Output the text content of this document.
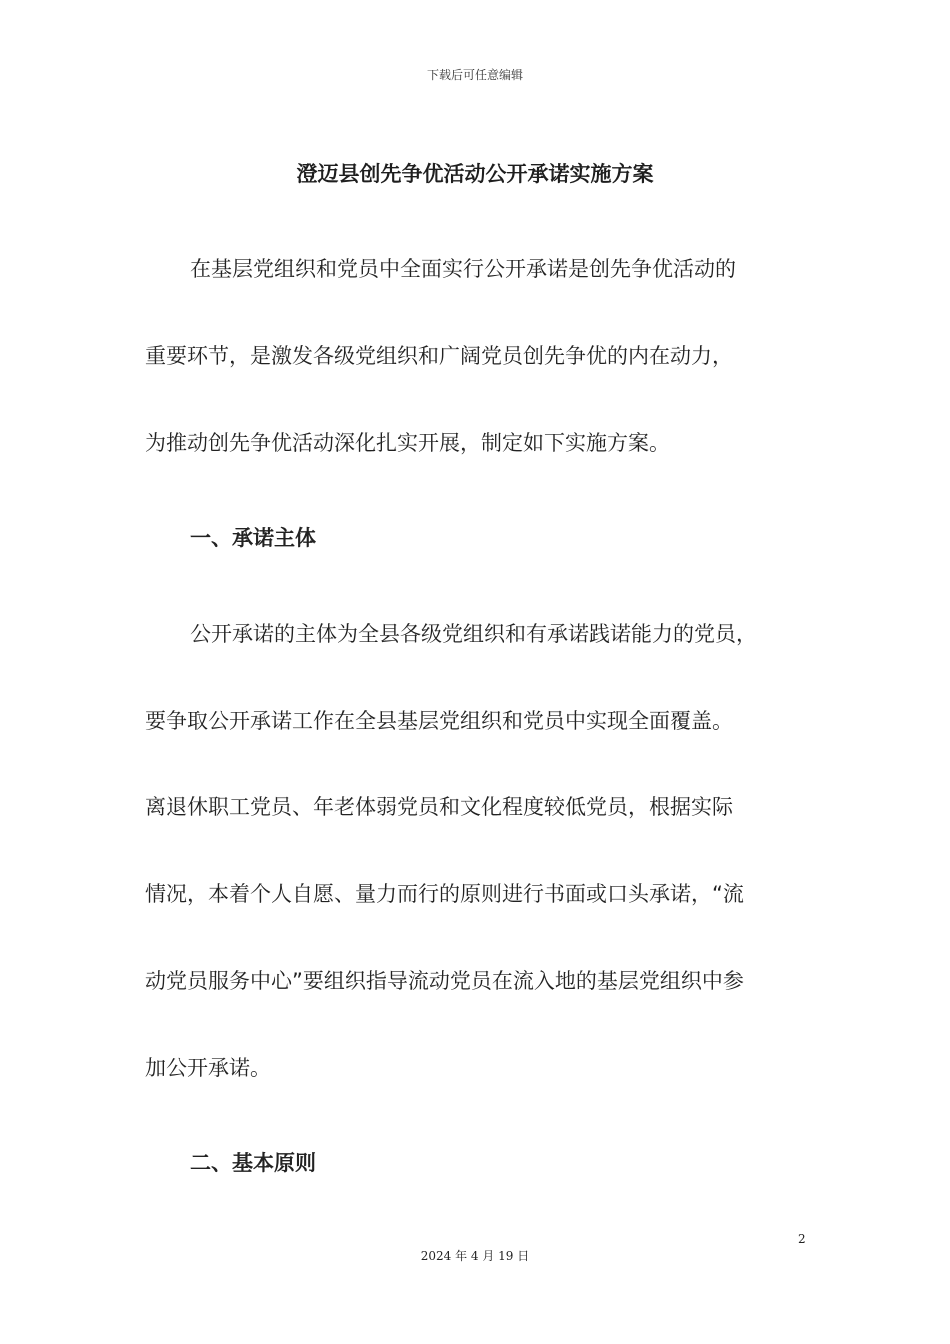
下载后可任意编辑
澄迈县创先争优活动公开承诺实施方案
在基层党组织和党员中全面实行公开承诺是创先争优活动的
重要环节，是激发各级党组织和广阔党员创先争优的内在动力，
为推动创先争优活动深化扎实开展，制定如下实施方案。
一、承诺主体
公开承诺的主体为全县各级党组织和有承诺践诺能力的党员，
要争取公开承诺工作在全县基层党组织和党员中实现全面覆盖。
离退休职工党员、年老体弱党员和文化程度较低党员，根据实际
情况，本着个人自愿、量力而行的原则进行书面或口头承诺，“流
动党员服务中心”要组织指导流动党员在流入地的基层党组织中参
加公开承诺。
二、基本原则
2
2024 年 4 月 19 日
